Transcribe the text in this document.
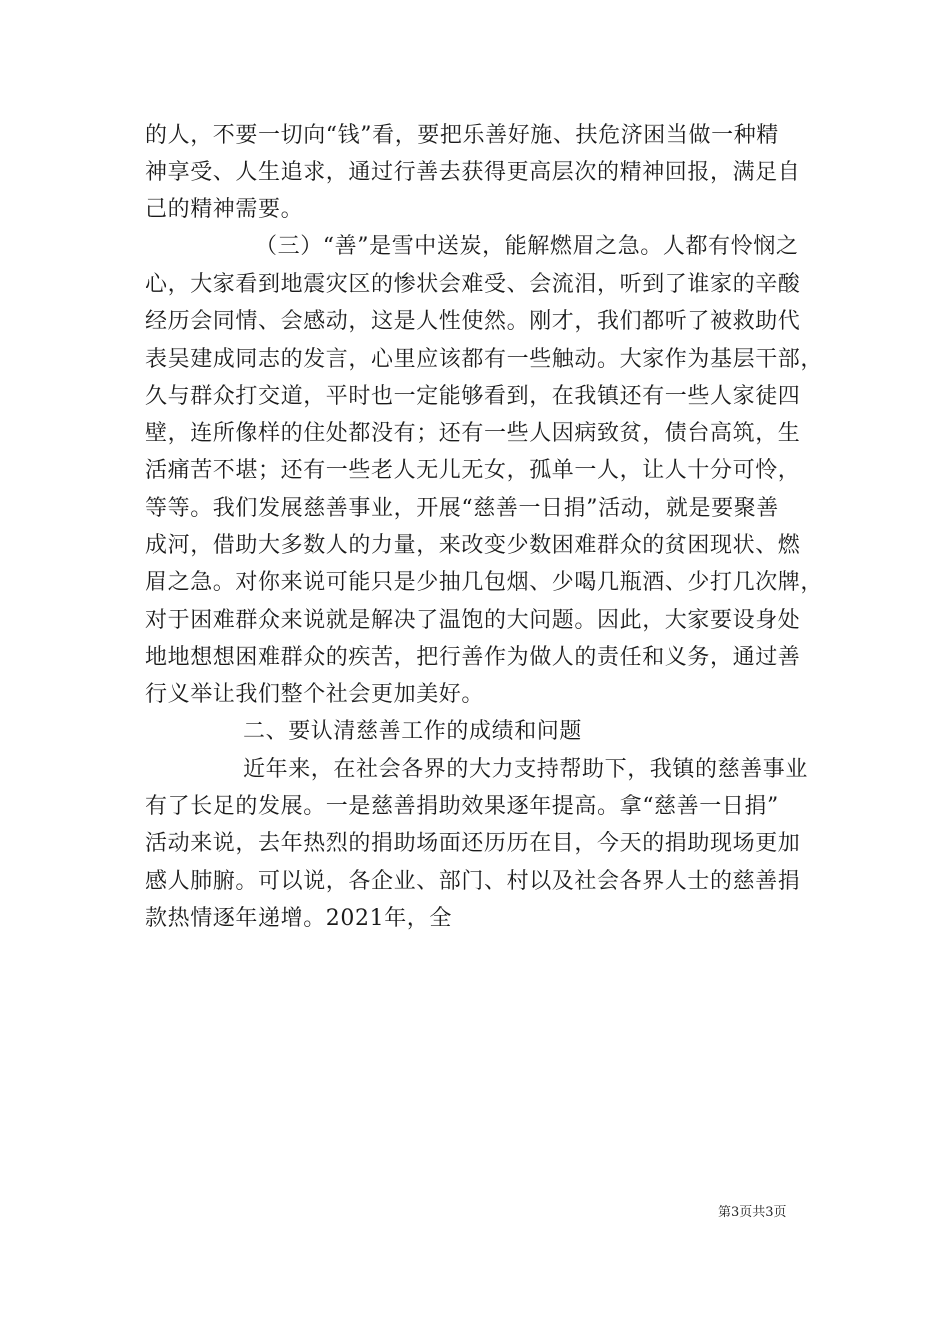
的人，不要一切向“钱”看，要把乐善好施、扶危济困当做一种精
神享受、人生追求，通过行善去获得更高层次的精神回报，满足自
己的精神需要。
（三）“善”是雪中送炭，能解燃眉之急。人都有怜悯之
心，大家看到地震灾区的惨状会难受、会流泪，听到了谁家的辛酸
经历会同情、会感动，这是人性使然。刚才，我们都听了被救助代
表吴建成同志的发言，心里应该都有一些触动。大家作为基层干部，
久与群众打交道，平时也一定能够看到，在我镇还有一些人家徒四
壁，连所像样的住处都没有；还有一些人因病致贫，债台高筑，生
活痛苦不堪；还有一些老人无儿无女，孤单一人，让人十分可怜，
等等。我们发展慈善事业，开展“慈善一日捐”活动，就是要聚善
成河，借助大多数人的力量，来改变少数困难群众的贫困现状、燃
眉之急。对你来说可能只是少抽几包烟、少喝几瓶酒、少打几次牌，
对于困难群众来说就是解决了温饱的大问题。因此，大家要设身处
地地想想困难群众的疾苦，把行善作为做人的责任和义务，通过善
行义举让我们整个社会更加美好。
二、要认清慈善工作的成绩和问题
近年来，在社会各界的大力支持帮助下，我镇的慈善事业
有了长足的发展。一是慈善捐助效果逐年提高。拿“慈善一日捐”
活动来说，去年热烈的捐助场面还历历在目，今天的捐助现场更加
感人肺腑。可以说，各企业、部门、村以及社会各界人士的慈善捐
款热情逐年递增。2021年，全
第3页共3页
